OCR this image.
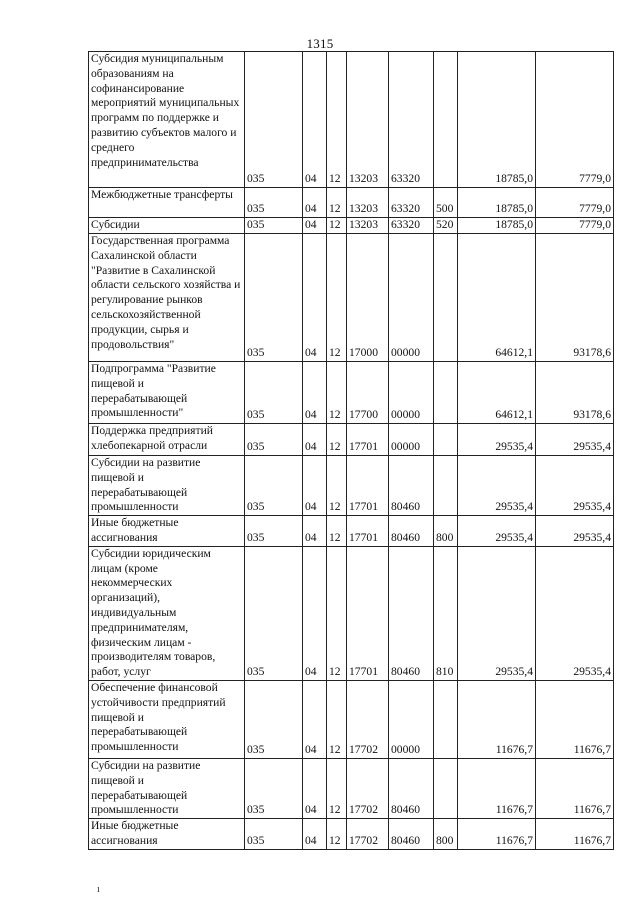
1315
Субсидия муниципальным образованиям на софинансирование мероприятий муниципальных программ по поддержке и развитию субъектов малого и среднего предпринимательства	035	04	12	13203	63320		18785,0	7779,0
Межбюджетные трансферты	035	04	12	13203	63320	500	18785,0	7779,0
Субсидии	035	04	12	13203	63320	520	18785,0	7779,0
Государственная программа Сахалинской области "Развитие в Сахалинской области сельского хозяйства и регулирование рынков сельскохозяйственной продукции, сырья и продовольствия"	035	04	12	17000	00000		64612,1	93178,6
Подпрограмма "Развитие пищевой и перерабатывающей промышленности"	035	04	12	17700	00000		64612,1	93178,6
Поддержка предприятий хлебопекарной отрасли	035	04	12	17701	00000		29535,4	29535,4
Субсидии на развитие пищевой и перерабатывающей промышленности	035	04	12	17701	80460		29535,4	29535,4
Иные бюджетные ассигнования	035	04	12	17701	80460	800	29535,4	29535,4
Субсидии юридическим лицам (кроме некоммерческих организаций), индивидуальным предпринимателям, физическим лицам - производителям товаров, работ, услуг	035	04	12	17701	80460	810	29535,4	29535,4
Обеспечение финансовой устойчивости предприятий пищевой и перерабатывающей промышленности	035	04	12	17702	00000		11676,7	11676,7
Субсидии на развитие пищевой и перерабатывающей промышленности	035	04	12	17702	80460		11676,7	11676,7
Иные бюджетные ассигнования	035	04	12	17702	80460	800	11676,7	11676,7
ı
